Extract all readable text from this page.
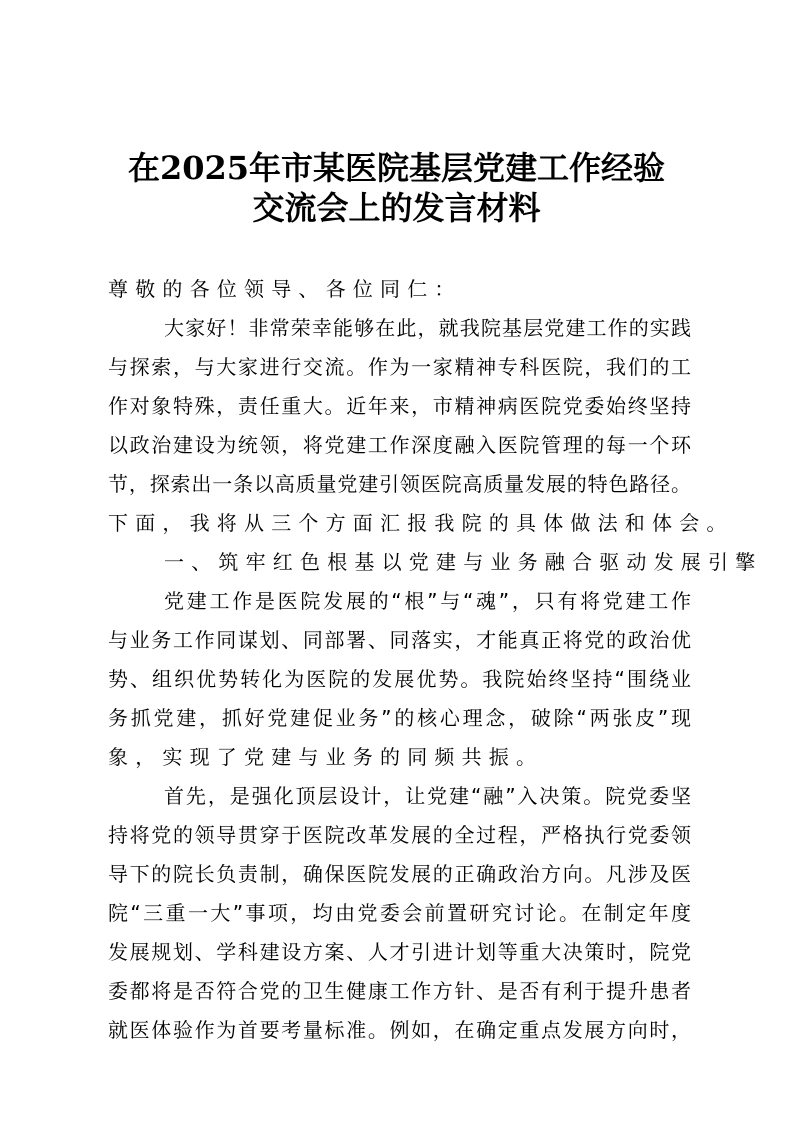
在2025年市某医院基层党建工作经验
交流会上的发言材料
尊敬的各位领导、各位同仁：
大家好！非常荣幸能够在此，就我院基层党建工作的实践
与探索，与大家进行交流。作为一家精神专科医院，我们的工
作对象特殊，责任重大。近年来，市精神病医院党委始终坚持
以政治建设为统领，将党建工作深度融入医院管理的每一个环
节，探索出一条以高质量党建引领医院高质量发展的特色路径。
下面，我将从三个方面汇报我院的具体做法和体会。
一、筑牢红色根基以党建与业务融合驱动发展引擎
党建工作是医院发展的“根”与“魂”，只有将党建工作
与业务工作同谋划、同部署、同落实，才能真正将党的政治优
势、组织优势转化为医院的发展优势。我院始终坚持“围绕业
务抓党建，抓好党建促业务”的核心理念，破除“两张皮”现
象，实现了党建与业务的同频共振。
首先，是强化顶层设计，让党建“融”入决策。院党委坚
持将党的领导贯穿于医院改革发展的全过程，严格执行党委领
导下的院长负责制，确保医院发展的正确政治方向。凡涉及医
院“三重一大”事项，均由党委会前置研究讨论。在制定年度
发展规划、学科建设方案、人才引进计划等重大决策时，院党
委都将是否符合党的卫生健康工作方针、是否有利于提升患者
就医体验作为首要考量标准。例如，在确定重点发展方向时，
